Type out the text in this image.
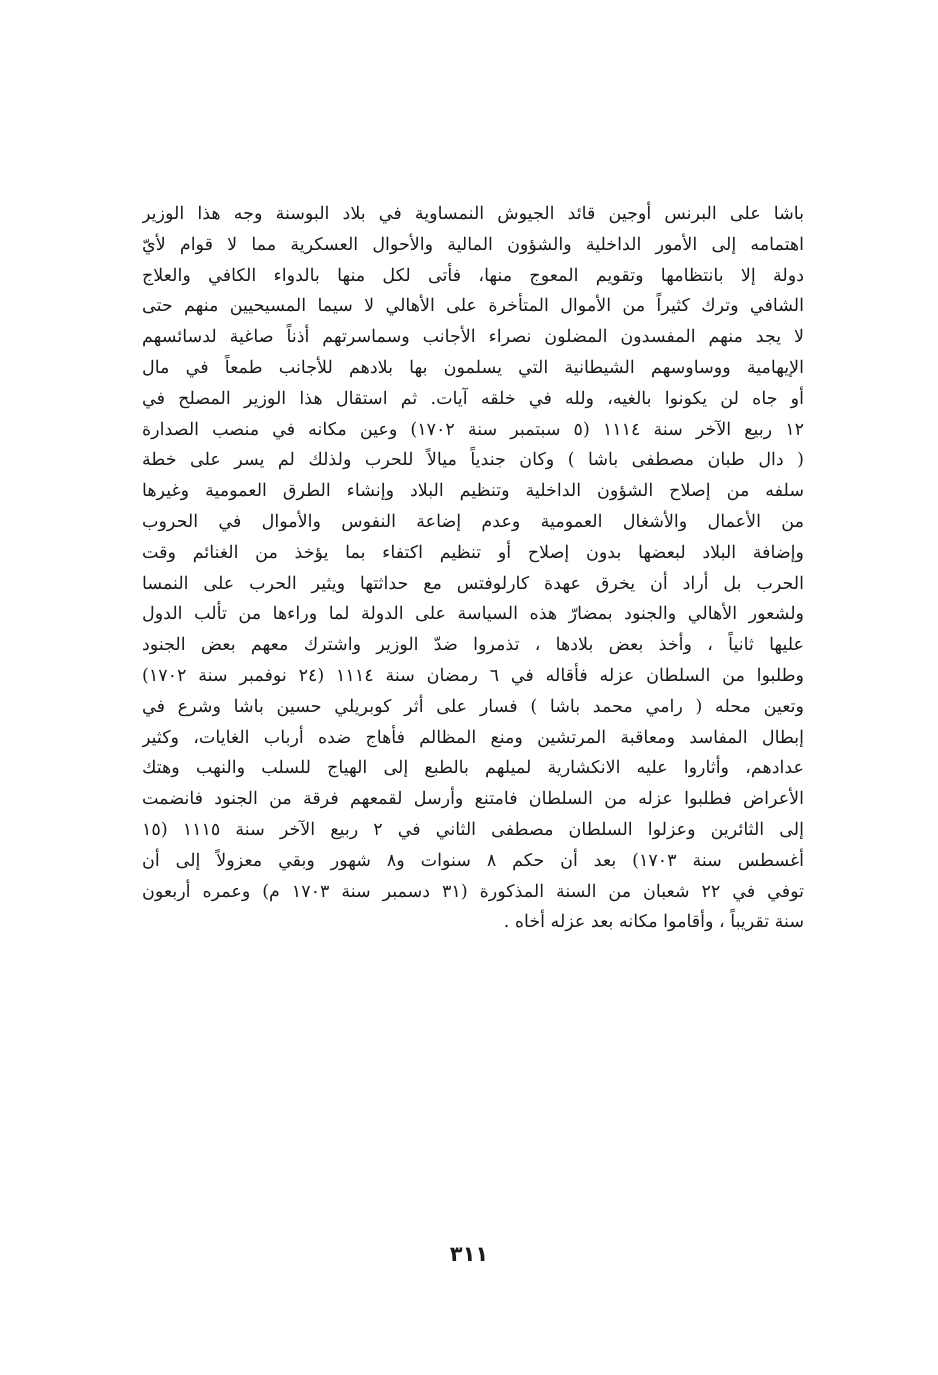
باشا على البرنس أوجين قائد الجيوش النمساوية في بلاد البوسنة وجه هذا الوزير
اهتمامه إلى الأمور الداخلية والشؤون المالية والأحوال العسكرية مما لا قوام لأيّ
دولة إلا بانتظامها وتقويم المعوج منها، فأتى لكل منها بالدواء الكافي والعلاج
الشافي وترك كثيراً من الأموال المتأخرة على الأهالي لا سيما المسيحيين منهم حتى
لا يجد منهم المفسدون المضلون نصراء الأجانب وسماسرتهم أذناً صاغية لدسائسهم
الإيهامية ووساوسهم الشيطانية التي يسلمون بها بلادهم للأجانب طمعاً في مال
أو جاه لن يكونوا بالغيه، ولله في خلقه آيات. ثم استقال هذا الوزير المصلح في
١٢ ربيع الآخر سنة ١١١٤ (٥ سبتمبر سنة ١٧٠٢) وعين مكانه في منصب الصدارة
( دال طبان مصطفى باشا ) وكان جندياً ميالاً للحرب ولذلك لم يسر على خطة
سلفه من إصلاح الشؤون الداخلية وتنظيم البلاد وإنشاء الطرق العمومية وغيرها
من الأعمال والأشغال العمومية وعدم إضاعة النفوس والأموال في الحروب
وإضافة البلاد لبعضها بدون إصلاح أو تنظيم اكتفاء بما يؤخذ من الغنائم وقت
الحرب بل أراد أن يخرق عهدة كارلوفتس مع حداثتها ويثير الحرب على النمسا
ولشعور الأهالي والجنود بمضارّ هذه السياسة على الدولة لما وراءها من تألب الدول
عليها ثانياً ، وأخذ بعض بلادها ، تذمروا ضدّ الوزير واشترك معهم بعض الجنود
وطلبوا من السلطان عزله فأقاله في ٦ رمضان سنة ١١١٤ (٢٤ نوفمبر سنة ١٧٠٢)
وتعين محله ( رامي محمد باشا ) فسار على أثر كوبريلي حسين باشا وشرع في
إبطال المفاسد ومعاقبة المرتشين ومنع المظالم فأهاج ضده أرباب الغايات، وكثير
عدادهم، وأثاروا عليه الانكشارية لميلهم بالطبع إلى الهياج للسلب والنهب وهتك
الأعراض فطلبوا عزله من السلطان فامتنع وأرسل لقمعهم فرقة من الجنود فانضمت
إلى الثائرين وعزلوا السلطان مصطفى الثاني في ٢ ربيع الآخر سنة ١١١٥ (١٥
أغسطس سنة ١٧٠٣) بعد أن حكم ٨ سنوات و٨ شهور وبقي معزولاً إلى أن
توفي في ٢٢ شعبان من السنة المذكورة (٣١ دسمبر سنة ١٧٠٣ م) وعمره أربعون
سنة تقريباً ، وأقاموا مكانه بعد عزله أخاه .
٣١١
